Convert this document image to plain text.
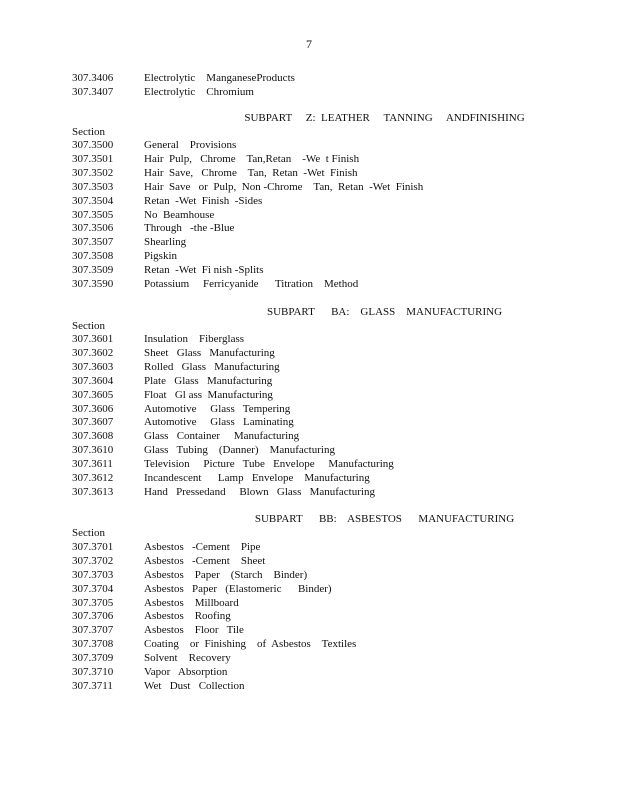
7
307.3406	Electrolytic    ManganeseProducts
307.3407	Electrolytic    Chromium
SUBPART     Z:  LEATHER     TANNING     ANDFINISHING
Section
307.3500	General    Provisions
307.3501	Hair  Pulp,   Chrome    Tan,Retan    -We  t Finish
307.3502	Hair  Save,   Chrome    Tan,  Retan  -Wet  Finish
307.3503	Hair  Save   or  Pulp,  Non -Chrome    Tan,  Retan  -Wet  Finish
307.3504	Retan  -Wet  Finish  -Sides
307.3505	No  Beamhouse
307.3506	Through   -the -Blue
307.3507	Shearling
307.3508	Pigskin
307.3509	Retan  -Wet  Fi nish -Splits
307.3590	Potassium     Ferricyanide      Titration    Method
SUBPART      BA:    GLASS    MANUFACTURING
Section
307.3601	Insulation    Fiberglass
307.3602	Sheet   Glass   Manufacturing
307.3603	Rolled   Glass   Manufacturing
307.3604	Plate   Glass   Manufacturing
307.3605	Float   Gl ass  Manufacturing
307.3606	Automotive     Glass   Tempering
307.3607	Automotive     Glass   Laminating
307.3608	Glass   Container     Manufacturing
307.3610	Glass   Tubing    (Danner)    Manufacturing
307.3611	Television     Picture   Tube   Envelope     Manufacturing
307.3612	Incandescent      Lamp   Envelope    Manufacturing
307.3613	Hand   Pressedand     Blown   Glass   Manufacturing
SUBPART      BB:    ASBESTOS      MANUFACTURING
Section
307.3701	Asbestos   -Cement    Pipe
307.3702	Asbestos   -Cement    Sheet
307.3703	Asbestos    Paper    (Starch    Binder)
307.3704	Asbestos   Paper   (Elastomeric      Binder)
307.3705	Asbestos    Millboard
307.3706	Asbestos    Roofing
307.3707	Asbestos    Floor   Tile
307.3708	Coating    or  Finishing    of  Asbestos    Textiles
307.3709	Solvent    Recovery
307.3710	Vapor   Absorption
307.3711	Wet   Dust   Collection
